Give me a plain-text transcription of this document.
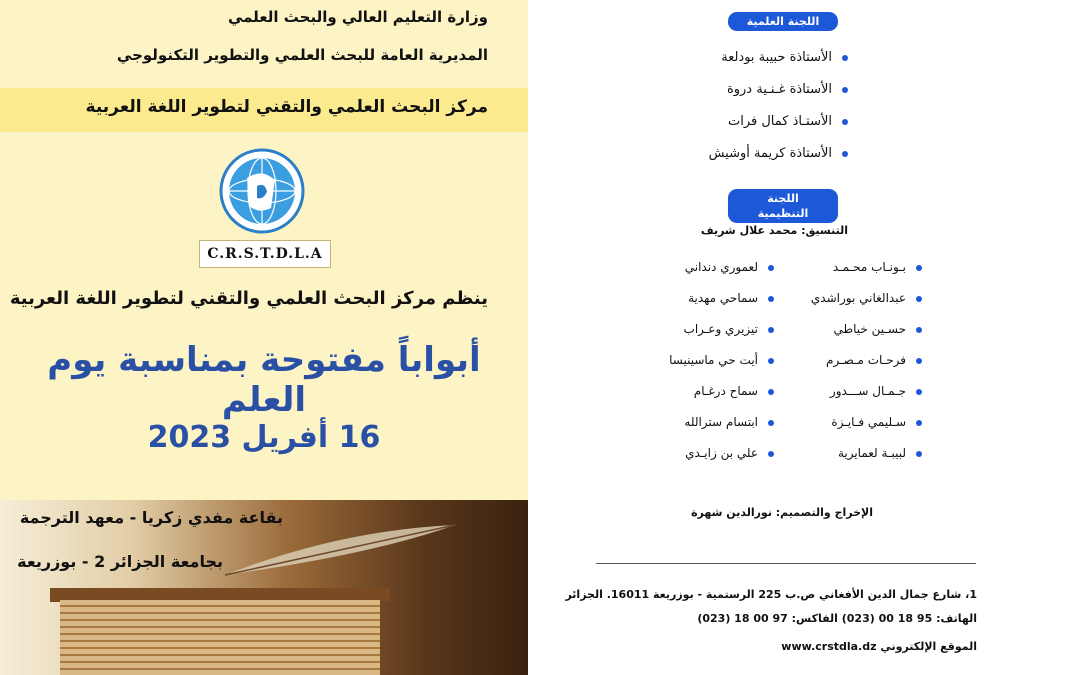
وزارة التعليم العالي والبحث العلمي
المديرية العامة للبحث العلمي والتطوير التكنولوجي
مركز البحث العلمي والتقني لتطوير اللغة العربية
C.R.S.T.D.L.A
ينظم مركز البحث العلمي والتقني لتطوير اللغة العربية
أبواباً مفتوحة بمناسبة يوم العلم
16 أفريل 2023
بقاعة مفدي زكريا - معهد الترجمة
بجامعة الجزائر 2 - بوزريعة
اللجنة العلمية
الأستاذة حبيبة بودلعة
الأستاذة غـنـية دروة
الأستـاذ كمال فرات
الأستاذة كريمة أوشيش
اللجنة التنظيمية
التنسيق: محمد علال شريف
بـونـاب محـمـد
عبدالغاني بوراشدي
حسـين خياطي
فرحـات مـصـرم
جـمـال ســـدور
سـليمي فـايـزة
لبيبـة لعمايرية
لعموري دنداني
سماحي مهدية
تيزيري وعـراب
أيت حي ماسينيسا
سماح درغـام
ابتسام سترالله
علي بن زايـدي
الإخراج والتصميم: نورالدين شهرة
1، شارع جمال الدين الأفغاني ص.ب 225 الرستمية - بوزريعة 16011. الجزائر
الهاتف: 95 18 00 (023) الفاكس: 97 00 18 (023)
الموقع الإلكتروني www.crstdla.dz
